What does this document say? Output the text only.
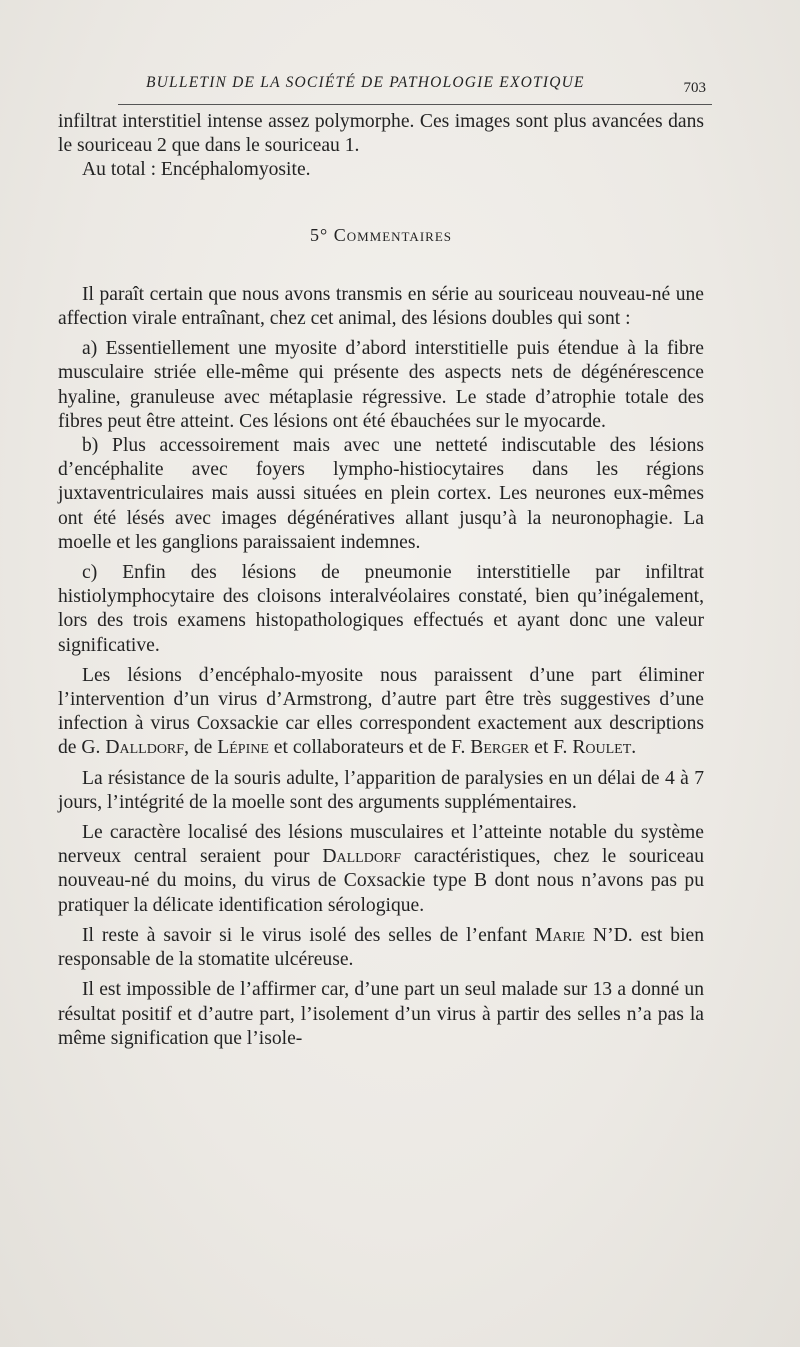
BULLETIN DE LA SOCIÉTÉ DE PATHOLOGIE EXOTIQUE	703

infiltrat interstitiel intense assez polymorphe. Ces images sont plus avancées dans le souriceau 2 que dans le souriceau 1.

Au total : Encéphalomyosite.

5° Commentaires

Il paraît certain que nous avons transmis en série au souriceau nouveau-né une affection virale entraînant, chez cet animal, des lésions doubles qui sont :

a) Essentiellement une myosite d’abord interstitielle puis étendue à la fibre musculaire striée elle-même qui présente des aspects nets de dégénérescence hyaline, granuleuse avec métaplasie régressive. Le stade d’atrophie totale des fibres peut être atteint. Ces lésions ont été ébauchées sur le myocarde.

b) Plus accessoirement mais avec une netteté indiscutable des lésions d’encéphalite avec foyers lympho-histiocytaires dans les régions juxtaventriculaires mais aussi situées en plein cortex. Les neurones eux-mêmes ont été lésés avec images dégénératives allant jusqu’à la neuronophagie. La moelle et les ganglions paraissaient indemnes.

c) Enfin des lésions de pneumonie interstitielle par infiltrat histiolymphocytaire des cloisons interalvéolaires constaté, bien qu’inégalement, lors des trois examens histopathologiques effectués et ayant donc une valeur significative.

Les lésions d’encéphalo-myosite nous paraissent d’une part éliminer l’intervention d’un virus d’Armstrong, d’autre part être très suggestives d’une infection à virus Coxsackie car elles correspondent exactement aux descriptions de G. Dalldorf, de Lépine et collaborateurs et de F. Berger et F. Roulet.

La résistance de la souris adulte, l’apparition de paralysies en un délai de 4 à 7 jours, l’intégrité de la moelle sont des arguments supplémentaires.

Le caractère localisé des lésions musculaires et l’atteinte notable du système nerveux central seraient pour Dalldorf caractéristiques, chez le souriceau nouveau-né du moins, du virus de Coxsackie type B dont nous n’avons pas pu pratiquer la délicate identification sérologique.

Il reste à savoir si le virus isolé des selles de l’enfant Marie N’D. est bien responsable de la stomatite ulcéreuse.

Il est impossible de l’affirmer car, d’une part un seul malade sur 13 a donné un résultat positif et d’autre part, l’isolement d’un virus à partir des selles n’a pas la même signification que l’isole-
